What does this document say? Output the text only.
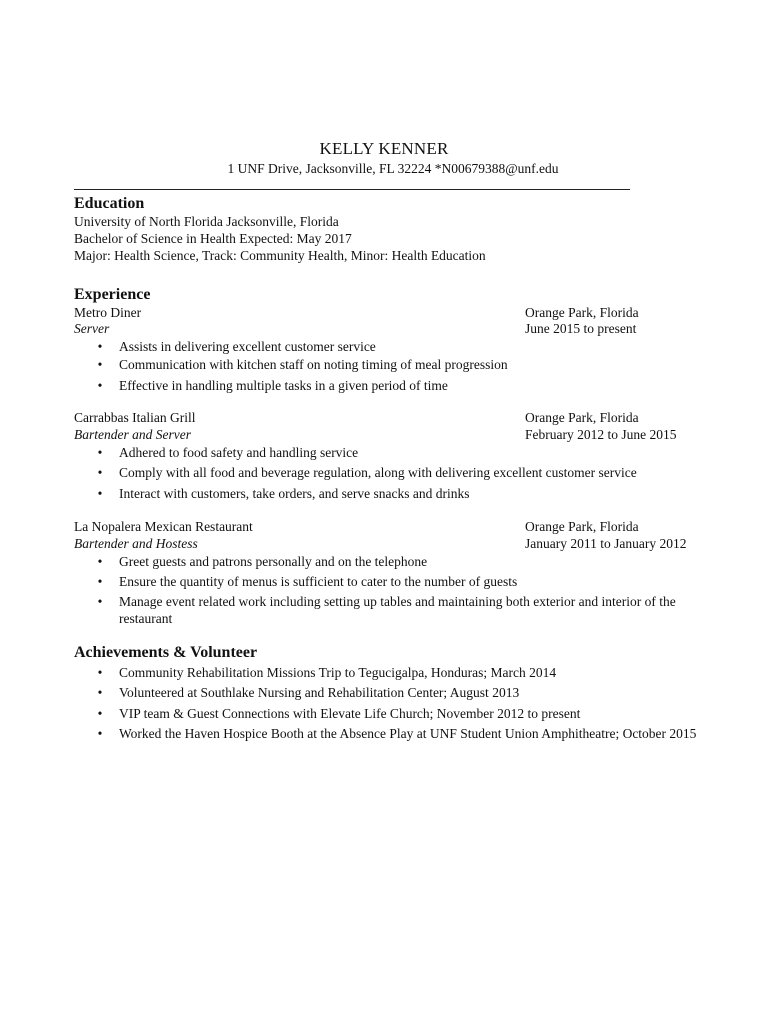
KELLY KENNER
1 UNF Drive, Jacksonville, FL 32224 *N00679388@unf.edu
Education
University of North Florida Jacksonville, Florida
Bachelor of Science in Health Expected: May 2017
Major: Health Science, Track: Community Health, Minor: Health Education
Experience
Metro Diner	Orange Park, Florida
Server	June 2015 to present
• Assists in delivering excellent customer service
• Communication with kitchen staff on noting timing of meal progression
• Effective in handling multiple tasks in a given period of time
Carrabbas Italian Grill	Orange Park, Florida
Bartender and Server	February 2012 to June 2015
• Adhered to food safety and handling service
• Comply with all food and beverage regulation, along with delivering excellent customer service
• Interact with customers, take orders, and serve snacks and drinks
La Nopalera Mexican Restaurant	Orange Park, Florida
Bartender and Hostess	January 2011 to January 2012
• Greet guests and patrons personally and on the telephone
• Ensure the quantity of menus is sufficient to cater to the number of guests
• Manage event related work including setting up tables and maintaining both exterior and interior of the restaurant
Achievements & Volunteer
• Community Rehabilitation Missions Trip to Tegucigalpa, Honduras; March 2014
• Volunteered at Southlake Nursing and Rehabilitation Center; August 2013
• VIP team & Guest Connections with Elevate Life Church; November 2012 to present
• Worked the Haven Hospice Booth at the Absence Play at UNF Student Union Amphitheatre; October 2015
